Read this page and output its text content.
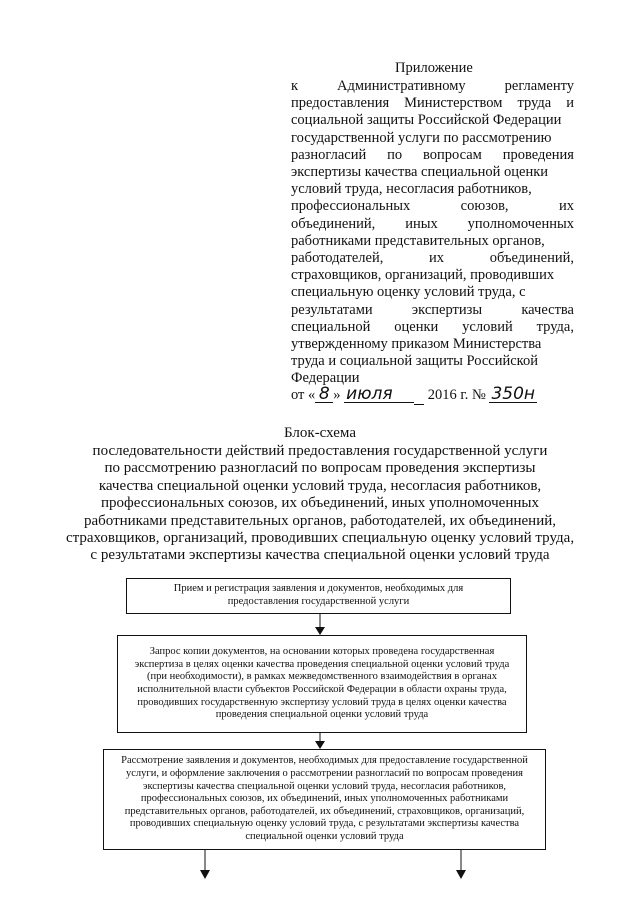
Приложение
к	Административному	регламенту
предоставления Министерством труда и
социальной защиты Российской Федерации
государственной услуги по рассмотрению
разногласий по вопросам проведения
экспертизы качества специальной оценки
условий труда, несогласия работников,
профессиональных	союзов,	их
объединений, иных уполномоченных
работниками представительных органов,
работодателей,	их	объединений,
страховщиков, организаций, проводивших
специальную оценку условий труда, с
результатами	экспертизы	качества
специальной оценки условий труда,
утвержденному приказом Министерства
труда и социальной защиты Российской
Федерации
от « 8 » июля 2016 г. № 350н
Блок-схема
последовательности действий предоставления государственной услуги
по рассмотрению разногласий по вопросам проведения экспертизы
качества специальной оценки условий труда, несогласия работников,
профессиональных союзов, их объединений, иных уполномоченных
работниками представительных органов, работодателей, их объединений,
страховщиков, организаций, проводивших специальную оценку условий труда,
с результатами экспертизы качества специальной оценки условий труда
Прием и регистрация заявления и документов, необходимых для
предоставления государственной услуги
Запрос копии документов, на основании которых проведена государственная
экспертиза в целях оценки качества проведения специальной оценки условий труда
(при необходимости), в рамках межведомственного взаимодействия в органах
исполнительной власти субъектов Российской Федерации в области охраны труда,
проводивших государственную экспертизу условий труда в целях оценки качества
проведения специальной оценки условий труда
Рассмотрение заявления и документов, необходимых для предоставление государственной
услуги, и оформление заключения о рассмотрении разногласий по вопросам проведения
экспертизы качества специальной оценки условий труда, несогласия работников,
профессиональных союзов, их объединений, иных уполномоченных работниками
представительных органов, работодателей, их объединений, страховщиков, организаций,
проводивших специальную оценку условий труда, с результатами экспертизы качества
специальной оценки условий труда
